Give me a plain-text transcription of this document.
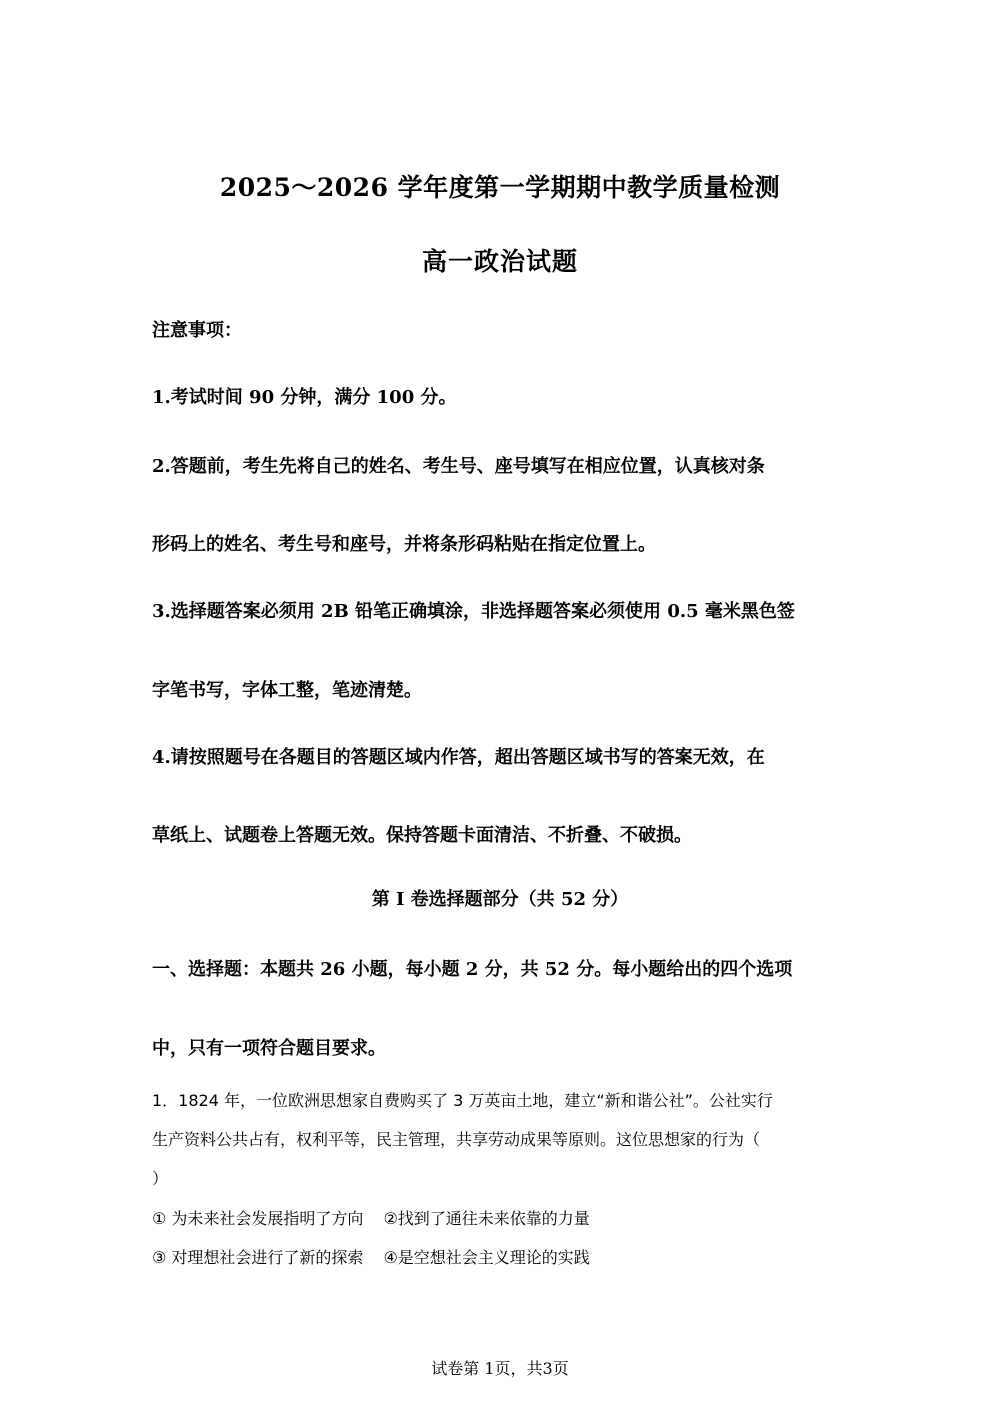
2025～2026 学年度第一学期期中教学质量检测
高一政治试题
注意事项：
1.考试时间 90 分钟，满分 100 分。
2.答题前，考生先将自己的姓名、考生号、座号填写在相应位置，认真核对条
形码上的姓名、考生号和座号，并将条形码粘贴在指定位置上。
3.选择题答案必须用 2B 铅笔正确填涂，非选择题答案必须使用 0.5 毫米黑色签
字笔书写，字体工整，笔迹清楚。
4.请按照题号在各题目的答题区域内作答，超出答题区域书写的答案无效，在
草纸上、试题卷上答题无效。保持答题卡面清洁、不折叠、不破损。
第 Ⅰ 卷选择题部分（共 52 分）
一、选择题：本题共 26 小题，每小题 2 分，共 52 分。每小题给出的四个选项
中，只有一项符合题目要求。
1．1824 年，一位欧洲思想家自费购买了 3 万英亩土地，建立“新和谐公社”。公社实行
生产资料公共占有，权利平等，民主管理，共享劳动成果等原则。这位思想家的行为（
）
① 为未来社会发展指明了方向 ②找到了通往未来依靠的力量
③ 对理想社会进行了新的探索 ④是空想社会主义理论的实践
试卷第 1页，共3页
